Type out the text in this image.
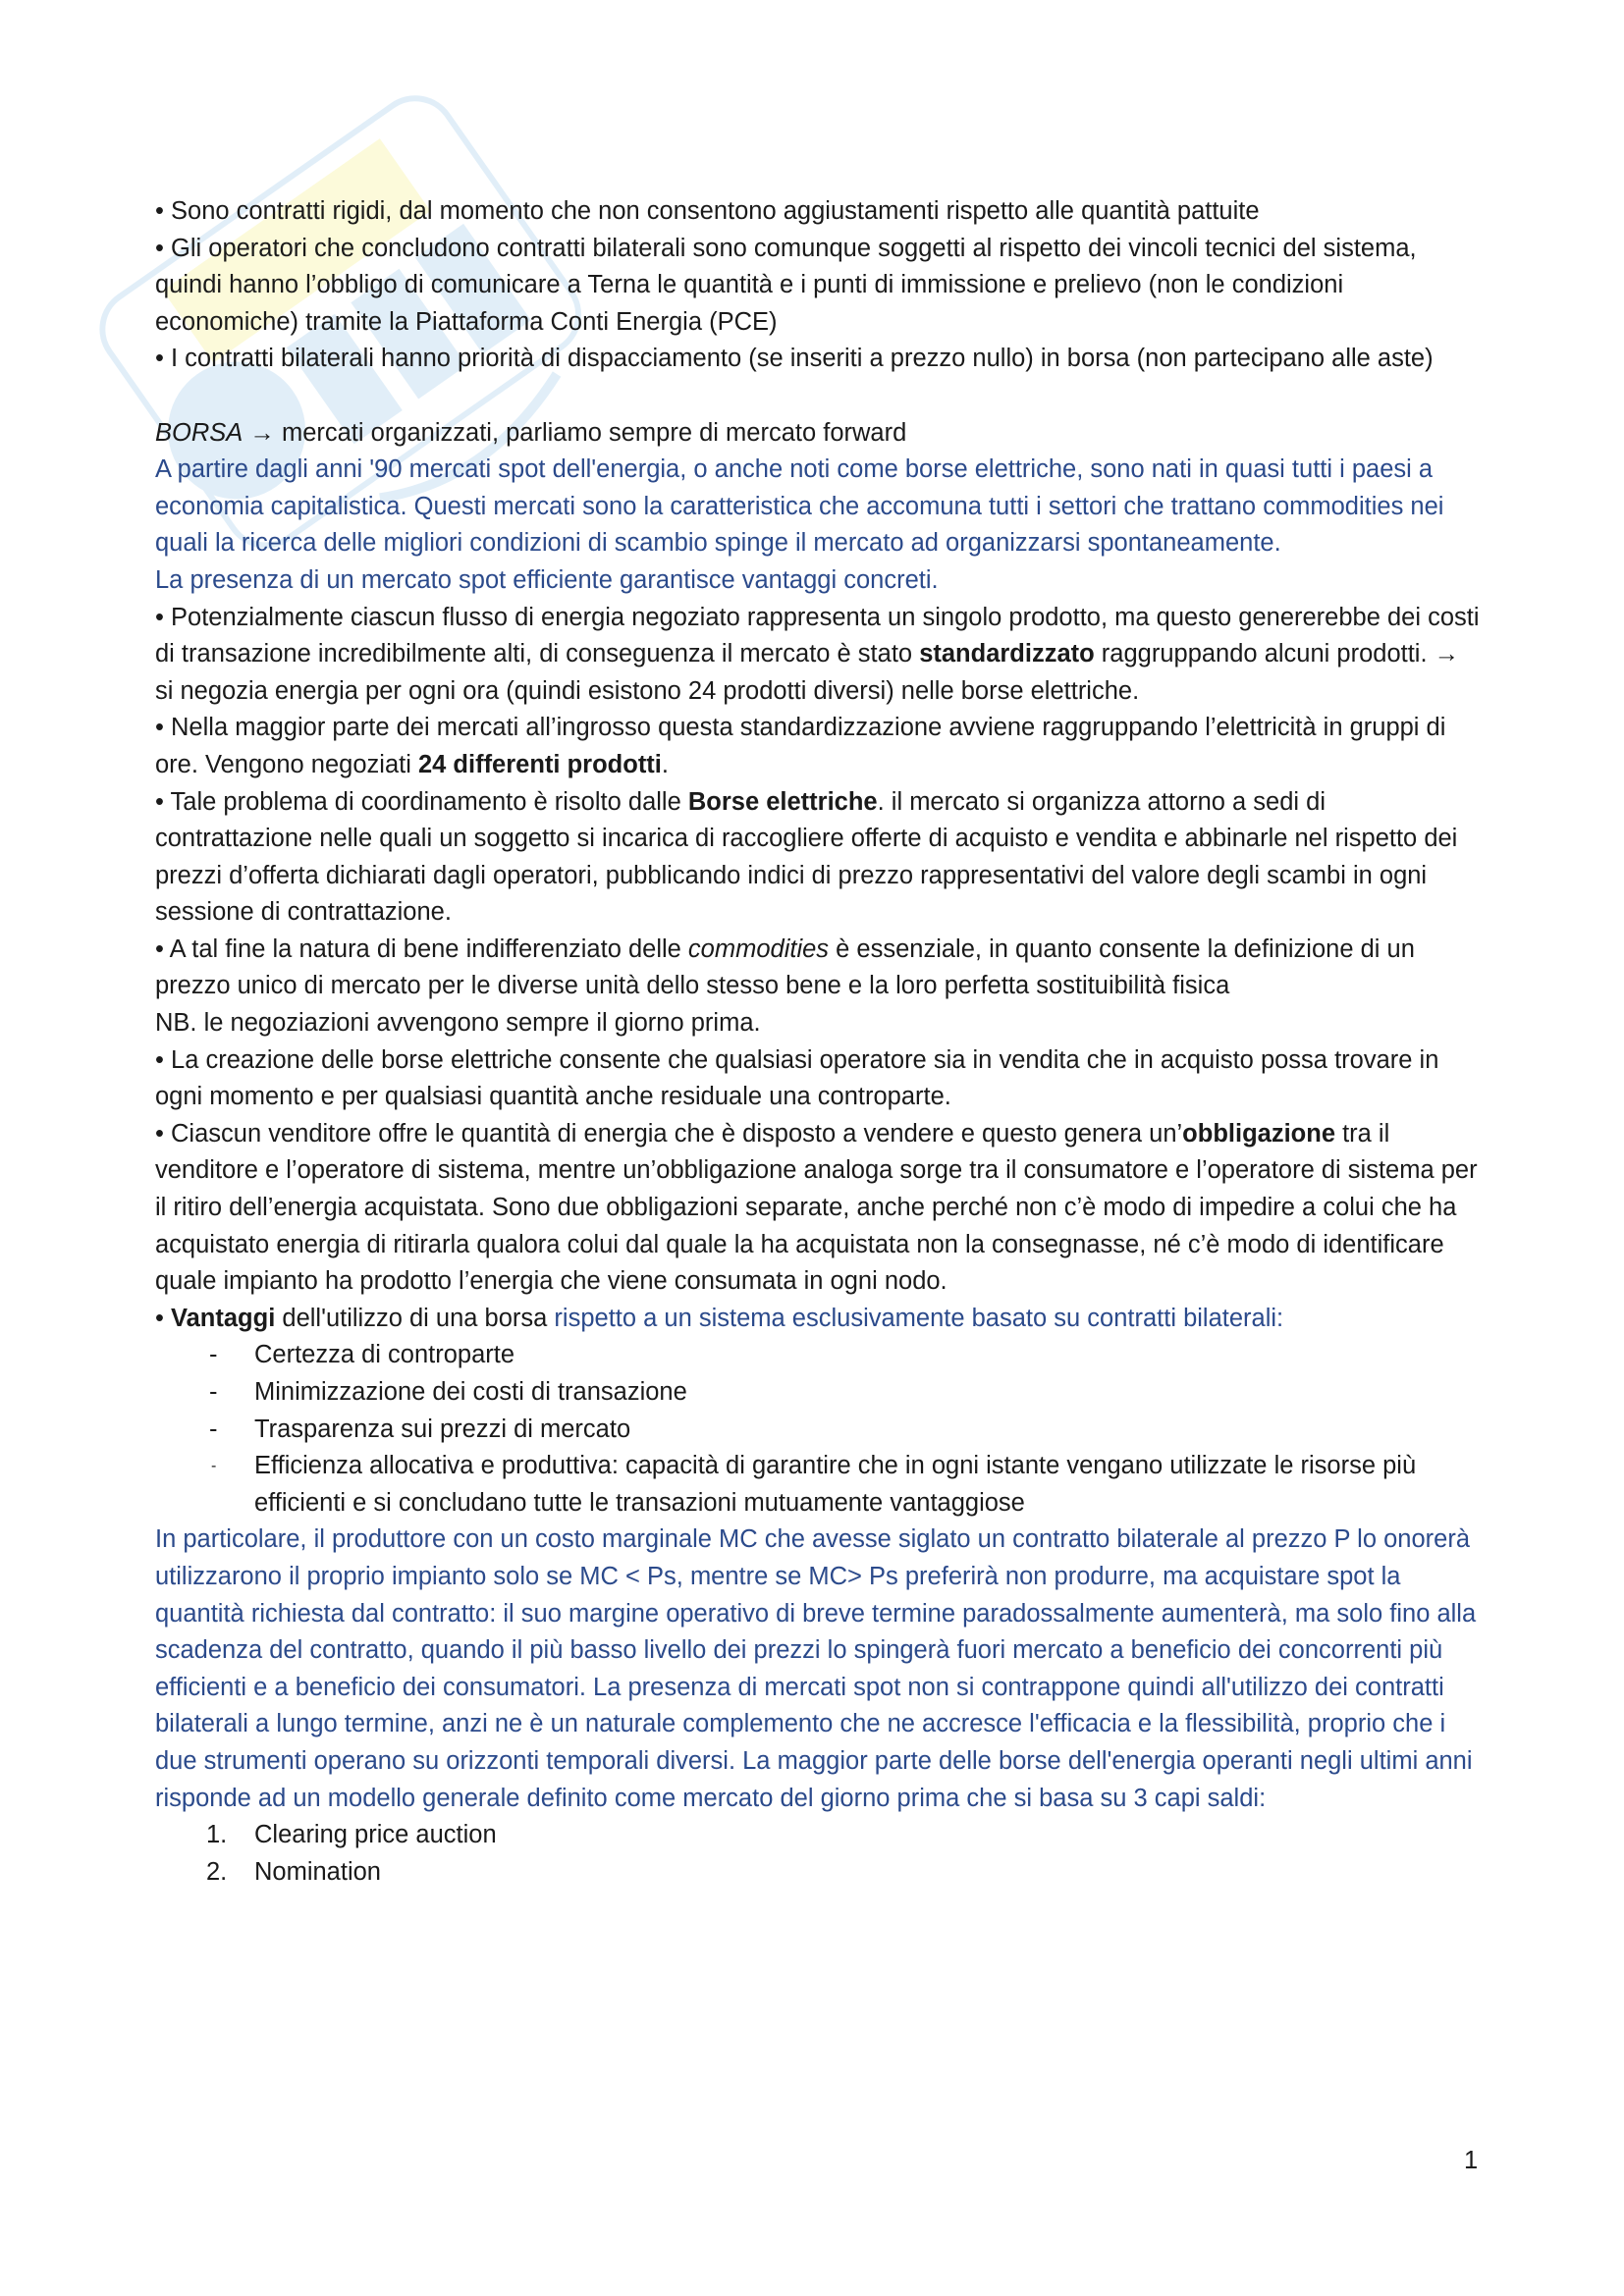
• Sono contratti rigidi, dal momento che non consentono aggiustamenti rispetto alle quantità pattuite

• Gli operatori che concludono contratti bilaterali sono comunque soggetti al rispetto dei vincoli tecnici del sistema, quindi hanno l’obbligo di comunicare a Terna le quantità e i punti di immissione e prelievo (non le condizioni economiche) tramite la Piattaforma Conti Energia (PCE)

• I contratti bilaterali hanno priorità di dispacciamento (se inseriti a prezzo nullo) in borsa (non partecipano alle aste)

BORSA → mercati organizzati, parliamo sempre di mercato forward

A partire dagli anni '90 mercati spot dell'energia, o anche noti come borse elettriche, sono nati in quasi tutti i paesi a economia capitalistica. Questi mercati sono la caratteristica che accomuna tutti i settori che trattano commodities nei quali la ricerca delle migliori condizioni di scambio spinge il mercato ad organizzarsi spontaneamente.

La presenza di un mercato spot efficiente garantisce vantaggi concreti.

• Potenzialmente ciascun flusso di energia negoziato rappresenta un singolo prodotto, ma questo genererebbe dei costi di transazione incredibilmente alti, di conseguenza il mercato è stato standardizzato raggruppando alcuni prodotti. → si negozia energia per ogni ora (quindi esistono 24 prodotti diversi) nelle borse elettriche.

• Nella maggior parte dei mercati all’ingrosso questa standardizzazione avviene raggruppando l’elettricità in gruppi di ore. Vengono negoziati 24 differenti prodotti.

• Tale problema di coordinamento è risolto dalle Borse elettriche. il mercato si organizza attorno a sedi di contrattazione nelle quali un soggetto si incarica di raccogliere offerte di acquisto e vendita e abbinarle nel rispetto dei prezzi d’offerta dichiarati dagli operatori, pubblicando indici di prezzo rappresentativi del valore degli scambi in ogni sessione di contrattazione.

• A tal fine la natura di bene indifferenziato delle commodities è essenziale, in quanto consente la definizione di un prezzo unico di mercato per le diverse unità dello stesso bene e la loro perfetta sostituibilità fisica

NB. le negoziazioni avvengono sempre il giorno prima.

• La creazione delle borse elettriche consente che qualsiasi operatore sia in vendita che in acquisto possa trovare in ogni momento e per qualsiasi quantità anche residuale una controparte.

• Ciascun venditore offre le quantità di energia che è disposto a vendere e questo genera un’obbligazione tra il venditore e l’operatore di sistema, mentre un’obbligazione analoga sorge tra il consumatore e l’operatore di sistema per il ritiro dell’energia acquistata. Sono due obbligazioni separate, anche perché non c’è modo di impedire a colui che ha acquistato energia di ritirarla qualora colui dal quale la ha acquistata non la consegnasse, né c’è modo di identificare quale impianto ha prodotto l’energia che viene consumata in ogni nodo.

• Vantaggi dell'utilizzo di una borsa rispetto a un sistema esclusivamente basato su contratti bilaterali:

- Certezza di controparte
- Minimizzazione dei costi di transazione
- Trasparenza sui prezzi di mercato
- Efficienza allocativa e produttiva: capacità di garantire che in ogni istante vengano utilizzate le risorse più efficienti e si concludano tutte le transazioni mutuamente vantaggiose

In particolare, il produttore con un costo marginale MC che avesse siglato un contratto bilaterale al prezzo P lo onorerà utilizzarono il proprio impianto solo se MC < Ps, mentre se MC> Ps preferirà non produrre, ma acquistare spot la quantità richiesta dal contratto: il suo margine operativo di breve termine paradossalmente aumenterà, ma solo fino alla scadenza del contratto, quando il più basso livello dei prezzi lo spingerà fuori mercato a beneficio dei concorrenti più efficienti e a beneficio dei consumatori. La presenza di mercati spot non si contrappone quindi all'utilizzo dei contratti bilaterali a lungo termine, anzi ne è un naturale complemento che ne accresce l'efficacia e la flessibilità, proprio che i due strumenti operano su orizzonti temporali diversi. La maggior parte delle borse dell'energia operanti negli ultimi anni risponde ad un modello generale definito come mercato del giorno prima che si basa su 3 capi saldi:

1. Clearing price auction
2. Nomination
1
